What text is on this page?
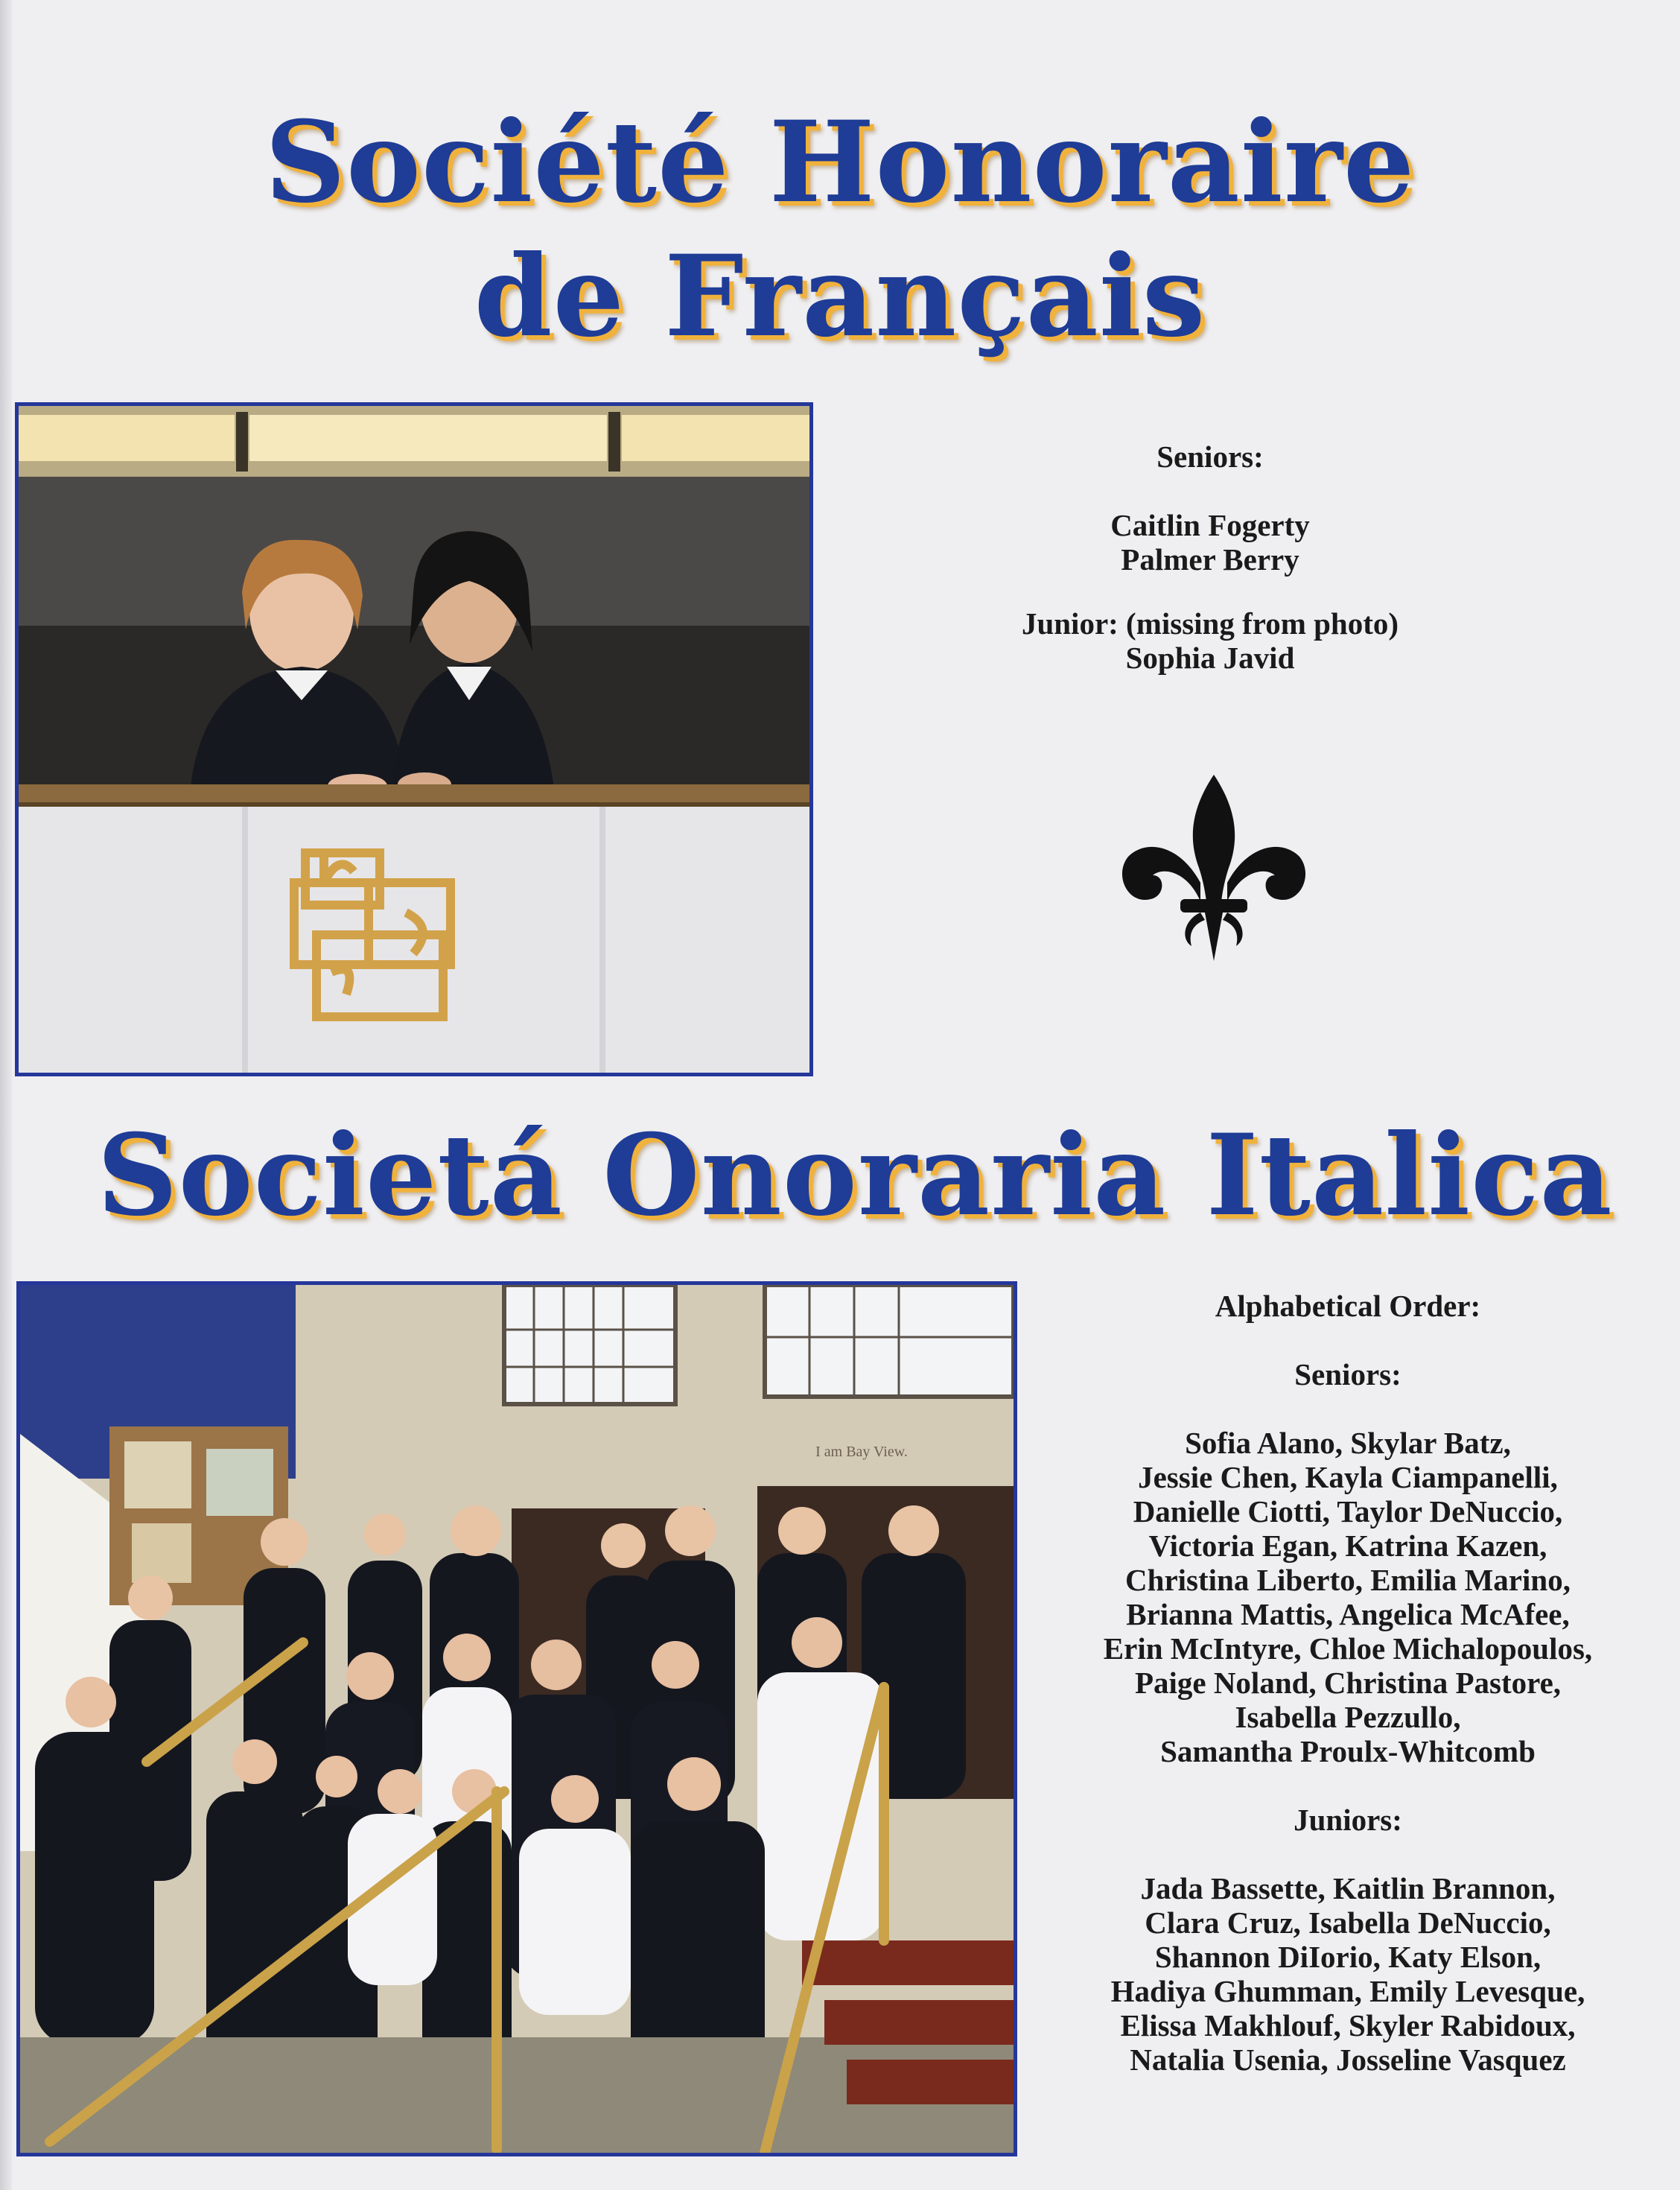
Société Honoraire
de Français

Seniors:

Caitlin Fogerty

Palmer Berry

Junior: (missing from photo)

Sophia Javid

Societá Onoraria Italica
I am Bay View.

Alphabetical Order:

Seniors:

Sofia Alano, Skylar Batz,

Jessie Chen, Kayla Ciampanelli,

Danielle Ciotti, Taylor DeNuccio,

Victoria Egan, Katrina Kazen,

Christina Liberto, Emilia Marino,

Brianna Mattis, Angelica McAfee,

Erin McIntyre, Chloe Michalopoulos,

Paige Noland, Christina Pastore,

Isabella Pezzullo,

Samantha Proulx-Whitcomb

Juniors:

Jada Bassette, Kaitlin Brannon,

Clara Cruz, Isabella DeNuccio,

Shannon DiIorio, Katy Elson,

Hadiya Ghumman, Emily Levesque,

Elissa Makhlouf, Skyler Rabidoux,

Natalia Usenia, Josseline Vasquez
